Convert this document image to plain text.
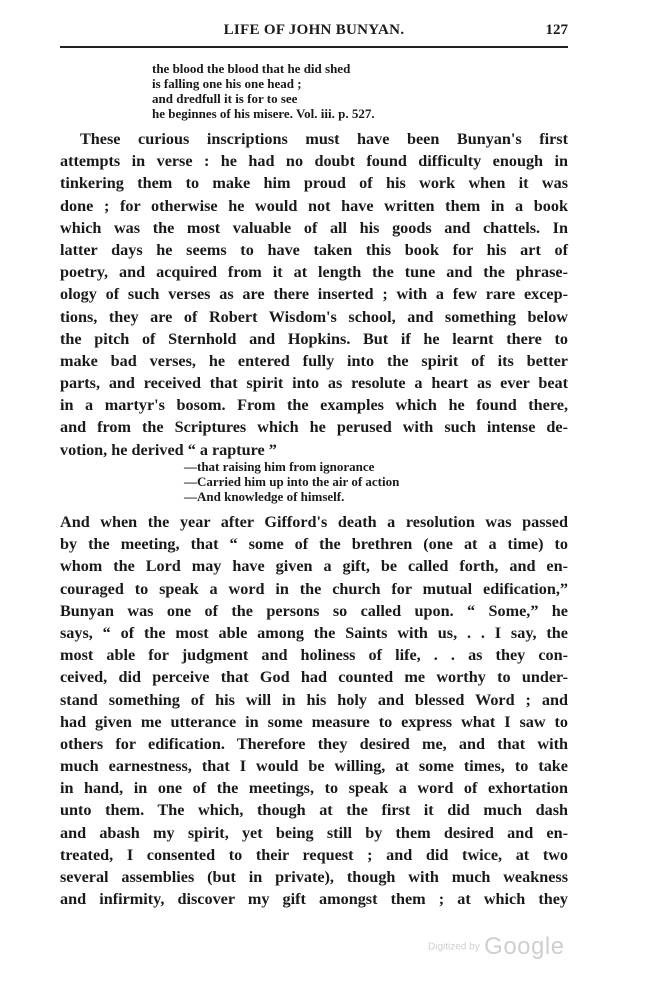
LIFE OF JOHN BUNYAN.	127
the blood the blood that he did shed
is falling one his one head ;
and dredfull it is for to see
he beginnes of his misere. Vol. iii. p. 527.
These curious inscriptions must have been Bunyan's first
attempts in verse : he had no doubt found difficulty enough in
tinkering them to make him proud of his work when it was
done ; for otherwise he would not have written them in a book
which was the most valuable of all his goods and chattels. In
latter days he seems to have taken this book for his art of
poetry, and acquired from it at length the tune and the phrase-
ology of such verses as are there inserted ; with a few rare excep-
tions, they are of Robert Wisdom's school, and something below
the pitch of Sternhold and Hopkins. But if he learnt there to
make bad verses, he entered fully into the spirit of its better
parts, and received that spirit into as resolute a heart as ever beat
in a martyr's bosom. From the examples which he found there,
and from the Scriptures which he perused with such intense de-
votion, he derived “ a rapture ”
—that raising him from ignorance
—Carried him up into the air of action
—And knowledge of himself.
And when the year after Gifford's death a resolution was passed
by the meeting, that “ some of the brethren (one at a time) to
whom the Lord may have given a gift, be called forth, and en-
couraged to speak a word in the church for mutual edification,”
Bunyan was one of the persons so called upon. “ Some,” he
says, “ of the most able among the Saints with us, . . I say, the
most able for judgment and holiness of life, . . as they con-
ceived, did perceive that God had counted me worthy to under-
stand something of his will in his holy and blessed Word ; and
had given me utterance in some measure to express what I saw to
others for edification. Therefore they desired me, and that with
much earnestness, that I would be willing, at some times, to take
in hand, in one of the meetings, to speak a word of exhortation
unto them. The which, though at the first it did much dash
and abash my spirit, yet being still by them desired and en-
treated, I consented to their request ; and did twice, at two
several assemblies (but in private), though with much weakness
and infirmity, discover my gift amongst them ; at which they
Digitized by Google
